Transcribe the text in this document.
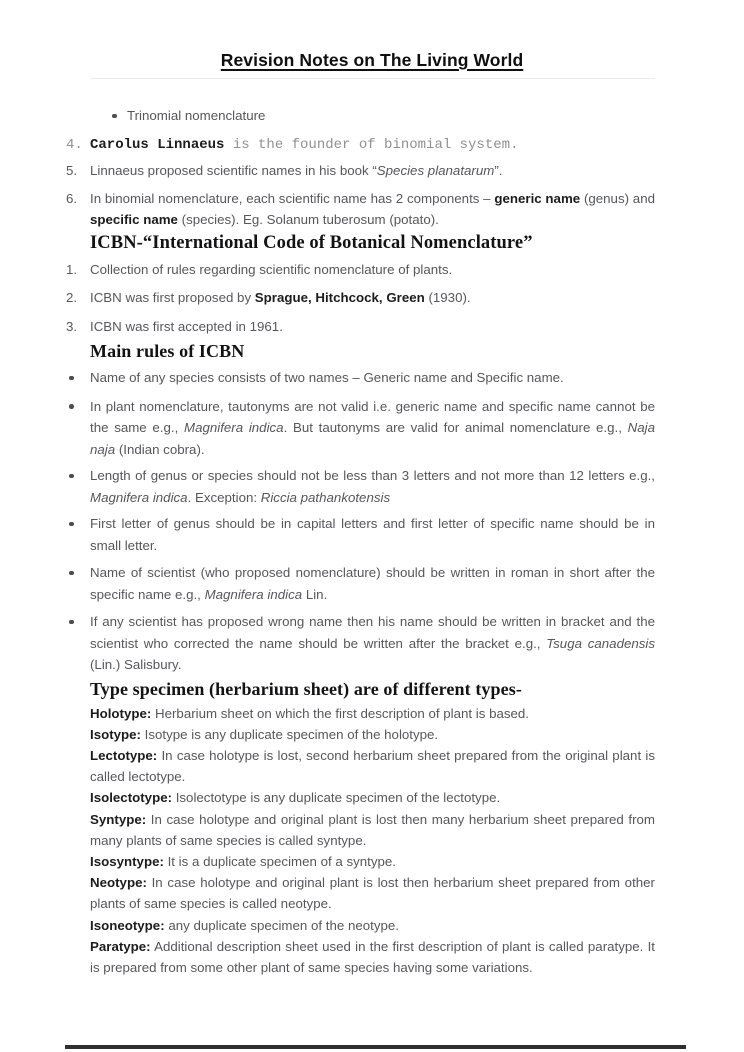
Revision Notes on The Living World
Trinomial nomenclature
4. Carolus Linnaeus is the founder of binomial system.
5. Linnaeus proposed scientific names in his book “Species planatarum”.
6. In binomial nomenclature, each scientific name has 2 components – generic name (genus) and specific name (species). Eg. Solanum tuberosum (potato).
ICBN-“International Code of Botanical Nomenclature”
1. Collection of rules regarding scientific nomenclature of plants.
2. ICBN was first proposed by Sprague, Hitchcock, Green (1930).
3. ICBN was first accepted in 1961.
Main rules of ICBN
Name of any species consists of two names – Generic name and Specific name.
In plant nomenclature, tautonyms are not valid i.e. generic name and specific name cannot be the same e.g., Magnifera indica. But tautonyms are valid for animal nomenclature e.g., Naja naja (Indian cobra).
Length of genus or species should not be less than 3 letters and not more than 12 letters e.g., Magnifera indica. Exception: Riccia pathankotensis
First letter of genus should be in capital letters and first letter of specific name should be in small letter.
Name of scientist (who proposed nomenclature) should be written in roman in short after the specific name e.g., Magnifera indica Lin.
If any scientist has proposed wrong name then his name should be written in bracket and the scientist who corrected the name should be written after the bracket e.g., Tsuga canadensis (Lin.) Salisbury.
Type specimen (herbarium sheet) are of different types-

Holotype: Herbarium sheet on which the first description of plant is based.

Isotype: Isotype is any duplicate specimen of the holotype.

Lectotype: In case holotype is lost, second herbarium sheet prepared from the original plant is called lectotype.

Isolectotype: Isolectotype is any duplicate specimen of the lectotype.

Syntype: In case holotype and original plant is lost then many herbarium sheet prepared from many plants of same species is called syntype.

Isosyntype: It is a duplicate specimen of a syntype.

Neotype: In case holotype and original plant is lost then herbarium sheet prepared from other plants of same species is called neotype.

Isoneotype: any duplicate specimen of the neotype.

Paratype: Additional description sheet used in the first description of plant is called paratype. It is prepared from some other plant of same species having some variations.
